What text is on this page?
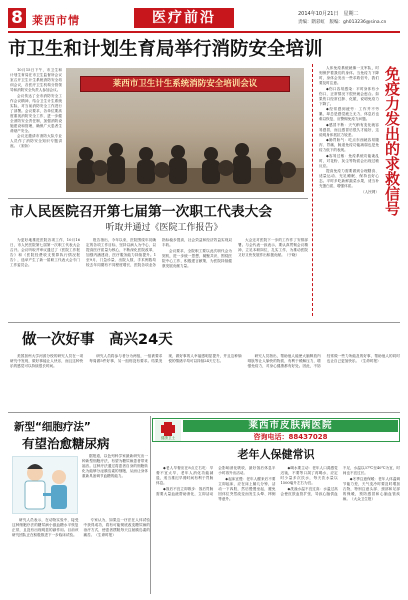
8 莱西市情	医疗前沿	2014年10月21日　星期二
责编：隋彩虹　版编：gh013236@sina.cn
市卫生和计划生育局举行消防安全培训

10月15日下午，市卫生和计划生育局在市卫生监督所会议室召开卫生计生系统消防安全培训会议，各医疗卫生机构分管领导和消防安全负责人参加会议。

会议传达了全市消防安全工作会议精神，结合卫生计生系统实际，对当前消防安全工作进行了部署。会议要求，各单位要高度重视消防安全工作，进一步健全消防安全责任制，加强消防设施建设和管理，确保广大患者生命财产安全。

会议还邀请市消防大队专业人员作了消防安全知识专题讲座。（宋娇）

莱西市卫生计生系统消防安全培训会议	免疫力发出的求救信号

人体免疫系统就像一支军队，时刻保护着我们的身体。当免疫力下降时，身体会发出一些求救信号，我们要及时注意。

◆伤口容易感染：平时身体有小伤口，正常情况下很快就会愈合。如果伤口经常红肿、化脓，说明免疫力下降了。

◆经常感到疲劳：工作并不劳累，却总是感觉疲乏无力，休息后也难以恢复，应警惕免疫力问题。

◆感冒不断：天气稍有变化就容易感冒，而且感冒后很久才能好，这说明身体抵抗力较差。

◆肠胃娇气：吃点东西就容易腹泻、胃痛，肠道免疫功能减弱也是免疫力低下的表现。

◆容易过敏：免疫系统功能紊乱时，对花粉、灰尘等物质会出现过敏反应。

提高免疫力需要做到合理膳食、适量运动、充足睡眠、保持良好心态。平时多吃新鲜蔬菜水果，适当补充蛋白质，增强体质。

（人民网）

市人民医院召开第七届第一次职工代表大会
听取并通过《医院工作报告》

为更好地推进医院各项工作，10月16日，市人民医院第七届第一次职工代表大会召开。会议听取并审议通过了《医院工作报告》和《医院经费收支预算执行情况报告》，选举产生了新一届职工代表大会专门工作委员会。

报告指出，今年以来，医院围绕年初确定的各项工作目标，坚持以病人为中心，以提高医疗质量为核心，不断深化医院改革，加强内涵建设，医疗服务能力持续提升。1至9月，门急诊量、出院人数、手术例数均较去年同期有不同程度增长，医院各项业务指标稳步提高，社会效益和经济效益实现双丰收。

会议要求，全院职工要以此次职代会为契机，进一步统一思想，凝聚共识，围绕医院中心工作，积极建言献策，为医院持续健康发展贡献力量。

大会还对医院下一步的工作作了安排部署。与会代表一致表示，要认真贯彻会议精神，立足本职岗位，扎实工作，为推动医院又好又快发展作出积极贡献。（于晓）

做一次好事　高兴24天

美国加州大学河滨分校的研究人员在一项研究中发现，做好事能让人快乐，而且这种快乐的感觉可以持续很长时间。

研究人员将参与者分为两组，一组被要求每周做5件好事，另一组则没有要求。结果发现，做好事的人幸福感明显提升，并且这种愉悦的情绪平均可以持续24天左右。

研究人员指出，帮助他人能使大脑释放内啡肽等让人愉快的物质，有利于缓解压力，增强免疫力，对身心健康都有好处。因此，不妨经常做一些力所能及的好事，帮助他人的同时也让自己更加快乐。（生命时报）

新型“细胞疗法”
有望治愈糖尿病

据报道，以色列科学家最新研究出一种新型细胞疗法，有望为糖尿病患者带来福音。这种疗法通过将患者自身的细胞转化为能够分泌胰岛素的细胞，从而让身体重新具备调节血糖的能力。

研究人员表示，在动物实验中，接受这种细胞疗法的糖尿病小鼠血糖水平恢复正常，且没有出现明显的副作用。目前该研究团队正在积极推进下一步临床试验。

专家认为，如果这一疗法在人体试验中获得成功，将有可能彻底改变糖尿病的治疗方式，使患者摆脱每天注射胰岛素的痛苦。（生命时报）

健康卫士
莱西市皮肤病医院
咨询电话：88437028
老年人保健常识

◆老人早餐应在8点左右吃：早餐不宜太早，老年人消化功能减退，适当推迟早餐时间有利于胃肠休息。

◆饭后不宜立即散步：饭后胃肠需要大量血液帮助消化，立即活动会影响消化吸收，最好饭后休息半小时再外出活动。

◆起床宜慢：老年人醒来后不要立即起床，应在床上躺几分钟，活动一下四肢，然后慢慢坐起，避免因体位突然改变而发生头晕、摔倒等意外。

◆喝水要主动：老年人口渴感觉迟钝，不要等口渴了再喝水，应定时少量多次饮水，每天饮水量以1500毫升左右为宜。

◆洗澡水温不宜过高：水温过高会使皮肤血管扩张，导致心脑供血不足，水温以37℃至40℃为宜，时间也不宜过长。

◆冬季注意保暖：老年人体温调节能力差，天气变冷时要及时增加衣物，特别注意头部、颈部和足部的保暖，预防感冒和心脑血管疾病。（大众卫生报）
